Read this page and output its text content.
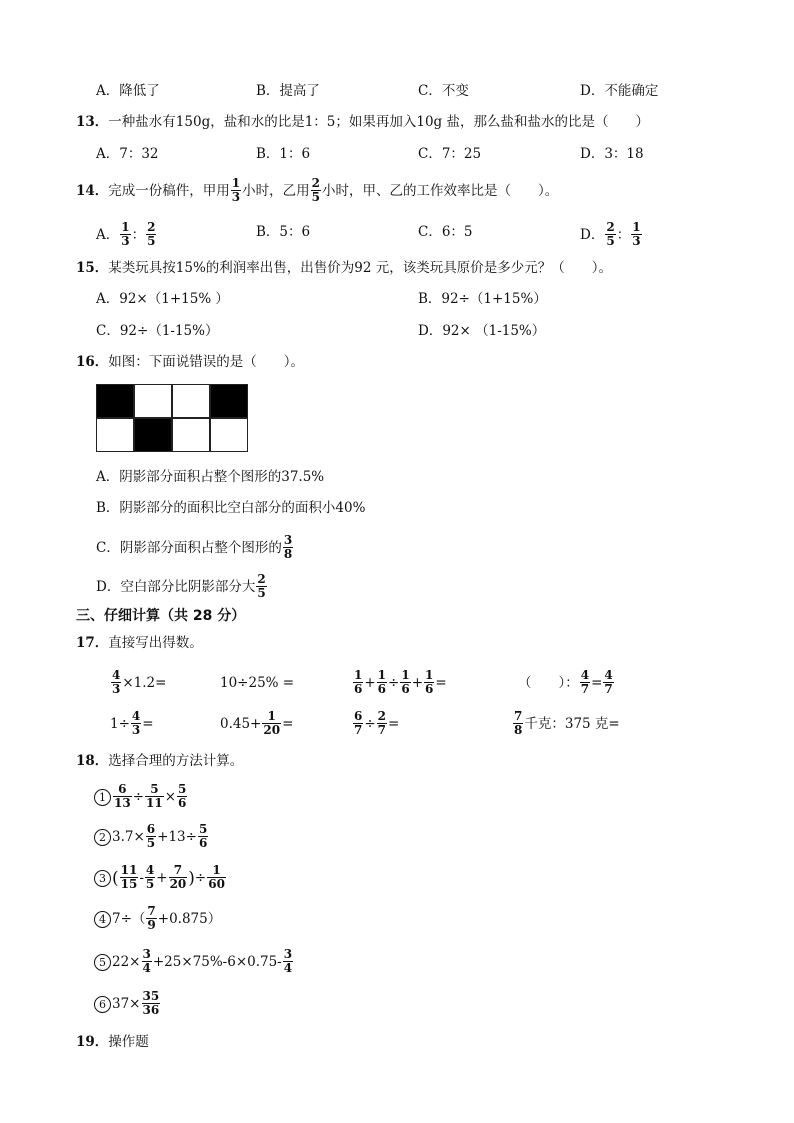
A．降低了	B．提高了	C．不变	D．不能确定
13．一种盐水有150g，盐和水的比是1：5；如果再加入10g 盐，那么盐和盐水的比是（　　）
A．7：32	B．1：6	C．7：25	D．3：18
14．完成一份稿件，甲用 $\frac{1}{3}$ 小时，乙用 $\frac{2}{5}$ 小时，甲、乙的工作效率比是（　　）。
A． $\frac{1}{3}$ ： $\frac{2}{5}$	B．5：6	C．6：5	D． $\frac{2}{5}$ ： $\frac{1}{3}$
15．某类玩具按15%的利润率出售，出售价为92 元，该类玩具原价是多少元？（　　）。
A．92×（1+15% ）	B．92÷（1+15%）
C．92÷（1-15%）	D．92× （1-15%）
16．如图：下面说错误的是（　　）。
A．阴影部分面积占整个图形的37.5%
B．阴影部分的面积比空白部分的面积小40%
C．阴影部分面积占整个图形的 $\frac{3}{8}$
D．空白部分比阴影部分大 $\frac{2}{5}$
三、仔细计算（共 28 分）
17．直接写出得数。
$\frac{4}{3} \times 1.2=$	10÷25% =	$\frac{1}{6} + \frac{1}{6} \div \frac{1}{6} + \frac{1}{6}$ =	（　　）： $\frac{4}{7} = \frac{4}{7}$
$1\div \frac{4}{3}$ =	$0.45+ \frac{1}{20}$ =	$\frac{6}{7} \div \frac{2}{7}$ =	$\frac{7}{8}$ 千克：375 克=
18．选择合理的方法计算。
$1 \frac{6}{13} \div \frac{5}{11} \times \frac{5}{6}$
2 $3.7\times \frac{6}{5} +13\div \frac{5}{6}$
3 ( $\frac{11}{15} - \frac{4}{5} + \frac{7}{20}$ )÷ $\frac{1}{60}$
4 $7\div( \frac{7}{9} +0.875)$
5 $22\times \frac{3}{4} +25\times 75\%-6\times 0.75- \frac{3}{4}$
6 $37\times \frac{35}{36}$
19．操作题
